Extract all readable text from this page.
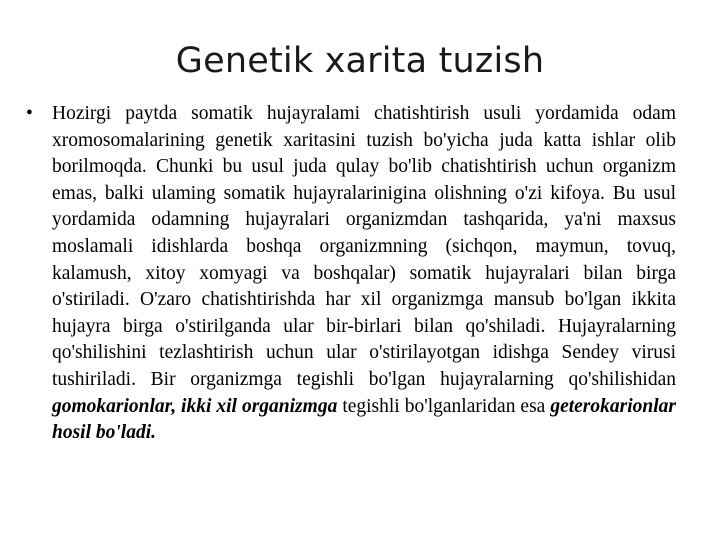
Genetik xarita tuzish
• Hozirgi paytda somatik hujayralami chatishtirish usuli yordamida odam xromosomalarining genetik xaritasini tuzish bo'yicha juda katta ishlar olib borilmoqda. Chunki bu usul juda qulay bo'lib chatishtirish uchun organizm emas, balki ulaming somatik hujayralarinigina olishning o'zi kifoya. Bu usul yordamida odamning hujayralari organizmdan tashqarida, ya'ni maxsus moslamali idishlarda boshqa organizmning (sichqon, maymun, tovuq, kalamush, xitoy xomyagi va boshqalar) somatik hujayralari bilan birga o'stiriladi. O'zaro chatishtirishda har xil organizmga mansub bo'lgan ikkita hujayra birga o'stirilganda ular bir-birlari bilan qo'shiladi. Hujayralarning qo'shilishini tezlashtirish uchun ular o'stirilayotgan idishga Sendey virusi tushiriladi. Bir organizmga tegishli bo'lgan hujayralarning qo'shilishidan gomokarionlar, ikki xil organizmga tegishli bo'lganlaridan esa geterokarionlar hosil bo'ladi.
